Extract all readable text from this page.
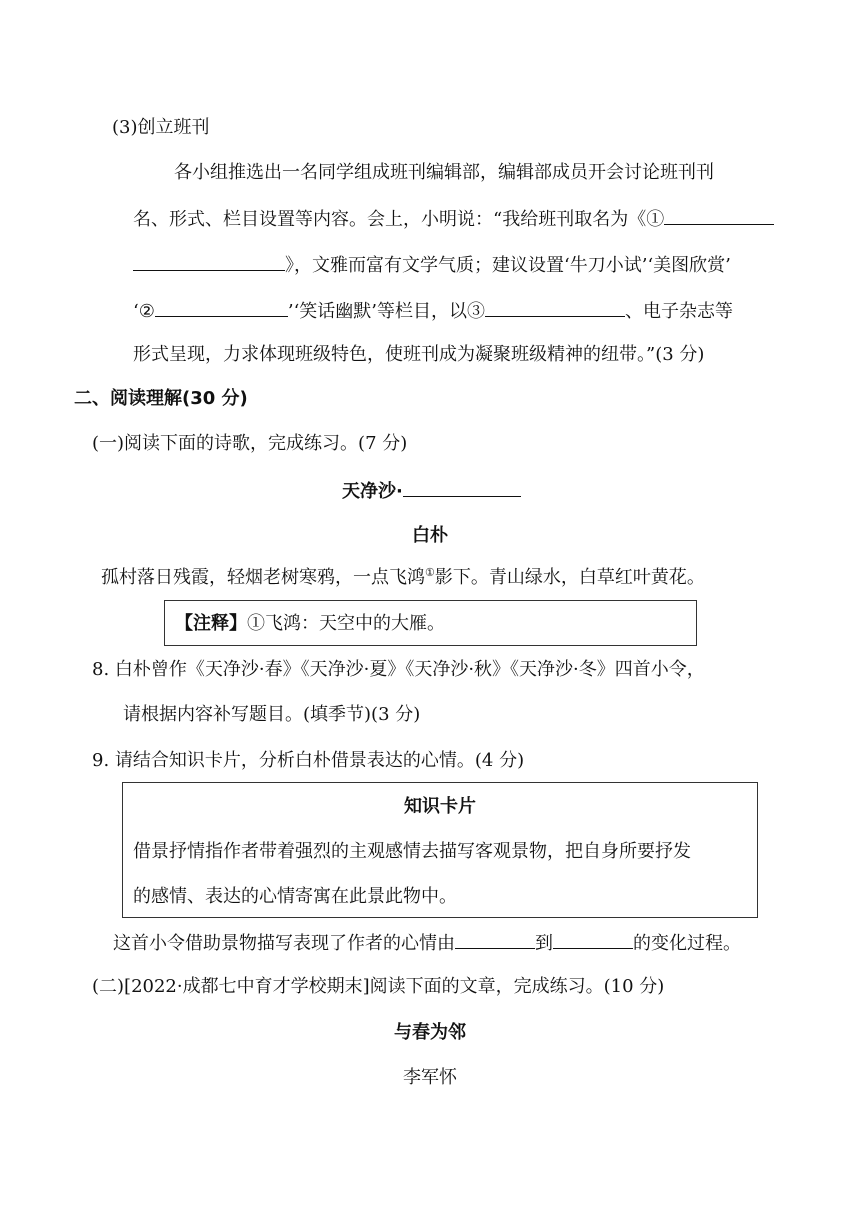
(3)创立班刊
各小组推选出一名同学组成班刊编辑部，编辑部成员开会讨论班刊刊
名、形式、栏目设置等内容。会上，小明说：“我给班刊取名为《①
》，文雅而富有文学气质；建议设置‘牛刀小试’‘美图欣赏’
‘②	’‘笑话幽默’等栏目，以③	、电子杂志等
形式呈现，力求体现班级特色，使班刊成为凝聚班级精神的纽带。”(3 分)
二、阅读理解(30 分)
(一)阅读下面的诗歌，完成练习。(7 分)
天净沙·
白朴
孤村落日残霞，轻烟老树寒鸦，一点飞鸿①影下。青山绿水，白草红叶黄花。
【注释】①飞鸿：天空中的大雁。
8. 白朴曾作《天净沙·春》《天净沙·夏》《天净沙·秋》《天净沙·冬》四首小令，
请根据内容补写题目。(填季节)(3 分)
9. 请结合知识卡片，分析白朴借景表达的心情。(4 分)
知识卡片
借景抒情指作者带着强烈的主观感情去描写客观景物，把自身所要抒发
的感情、表达的心情寄寓在此景此物中。
这首小令借助景物描写表现了作者的心情由	到	的变化过程。
(二)[2022·成都七中育才学校期末]阅读下面的文章，完成练习。(10 分)
与春为邻
李军怀
